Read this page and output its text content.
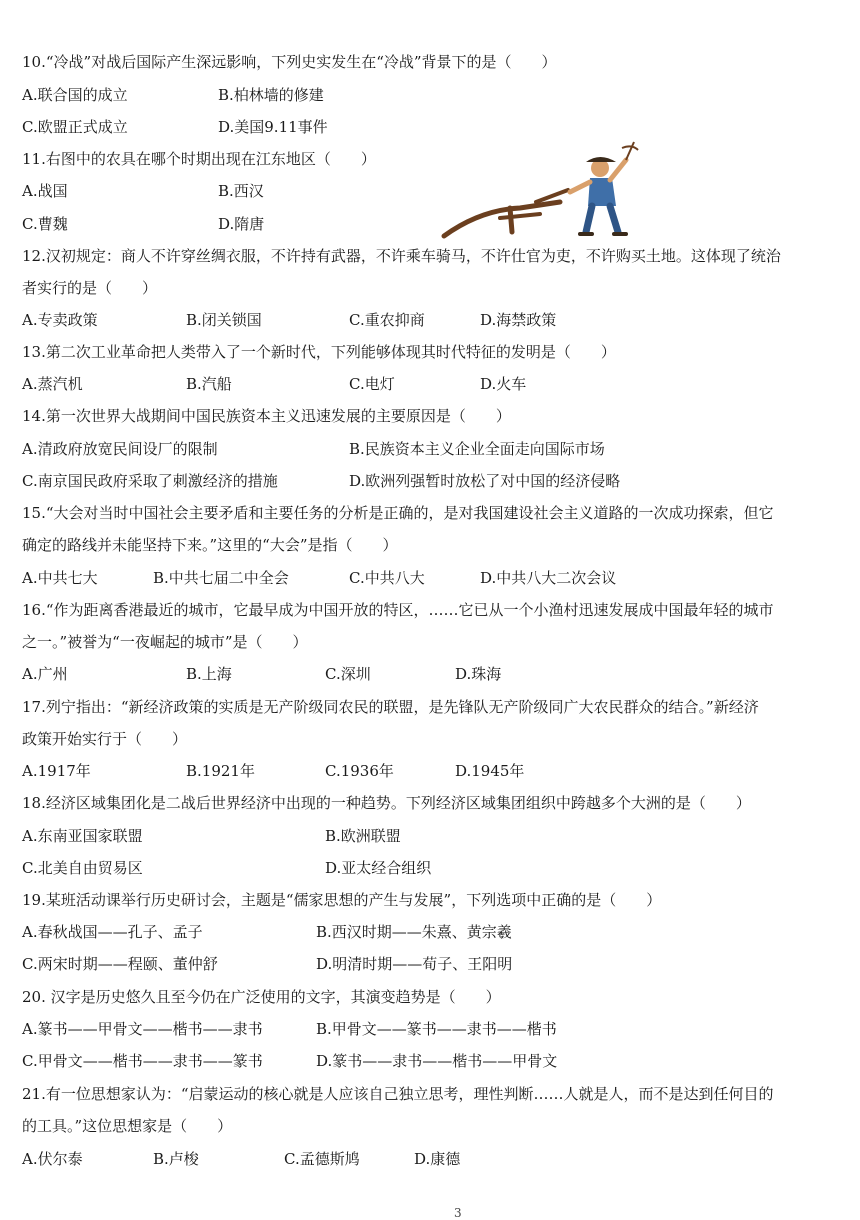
10.“冷战”对战后国际产生深远影响，下列史实发生在“冷战”背景下的是（　　）
A.联合国的成立	B.柏林墙的修建
C.欧盟正式成立	D.美国9.11事件
11.右图中的农具在哪个时期出现在江东地区（　　）
A.战国	B.西汉
C.曹魏	D.隋唐
12.汉初规定：商人不许穿丝绸衣服，不许持有武器，不许乘车骑马，不许仕官为吏，不许购买土地。这体现了统治
者实行的是（　　）
A.专卖政策	B.闭关锁国	C.重农抑商	D.海禁政策
13.第二次工业革命把人类带入了一个新时代，下列能够体现其时代特征的发明是（　　）
A.蒸汽机	B.汽船	C.电灯	D.火车
14.第一次世界大战期间中国民族资本主义迅速发展的主要原因是（　　）
A.清政府放宽民间设厂的限制	B.民族资本主义企业全面走向国际市场
C.南京国民政府采取了刺激经济的措施	D.欧洲列强暂时放松了对中国的经济侵略
15.“大会对当时中国社会主要矛盾和主要任务的分析是正确的，是对我国建设社会主义道路的一次成功探索，但它
确定的路线并未能坚持下来。”这里的“大会”是指（　　）
A.中共七大	B.中共七届二中全会	C.中共八大	D.中共八大二次会议
16.“作为距离香港最近的城市，它最早成为中国开放的特区，……它已从一个小渔村迅速发展成中国最年轻的城市
之一。”被誉为“一夜崛起的城市”是（　　）
A.广州	B.上海	C.深圳	D.珠海
17.列宁指出：“新经济政策的实质是无产阶级同农民的联盟，是先锋队无产阶级同广大农民群众的结合。”新经济
政策开始实行于（　　）
A.1917年	B.1921年	C.1936年	D.1945年
18.经济区域集团化是二战后世界经济中出现的一种趋势。下列经济区域集团组织中跨越多个大洲的是（　　）
A.东南亚国家联盟	B.欧洲联盟
C.北美自由贸易区	D.亚太经合组织
19.某班活动课举行历史研讨会，主题是“儒家思想的产生与发展”，下列选项中正确的是（　　）
A.春秋战国——孔子、孟子	B.西汉时期——朱熹、黄宗羲
C.两宋时期——程颐、董仲舒	D.明清时期——荀子、王阳明
20. 汉字是历史悠久且至今仍在广泛使用的文字，其演变趋势是（　　）
A.篆书——甲骨文——楷书——隶书	B.甲骨文——篆书——隶书——楷书
C.甲骨文——楷书——隶书——篆书	D.篆书——隶书——楷书——甲骨文
21.有一位思想家认为：“启蒙运动的核心就是人应该自己独立思考，理性判断……人就是人，而不是达到任何目的
的工具。”这位思想家是（　　）
A.伏尔泰	B.卢梭	C.孟德斯鸠	D.康德
3
